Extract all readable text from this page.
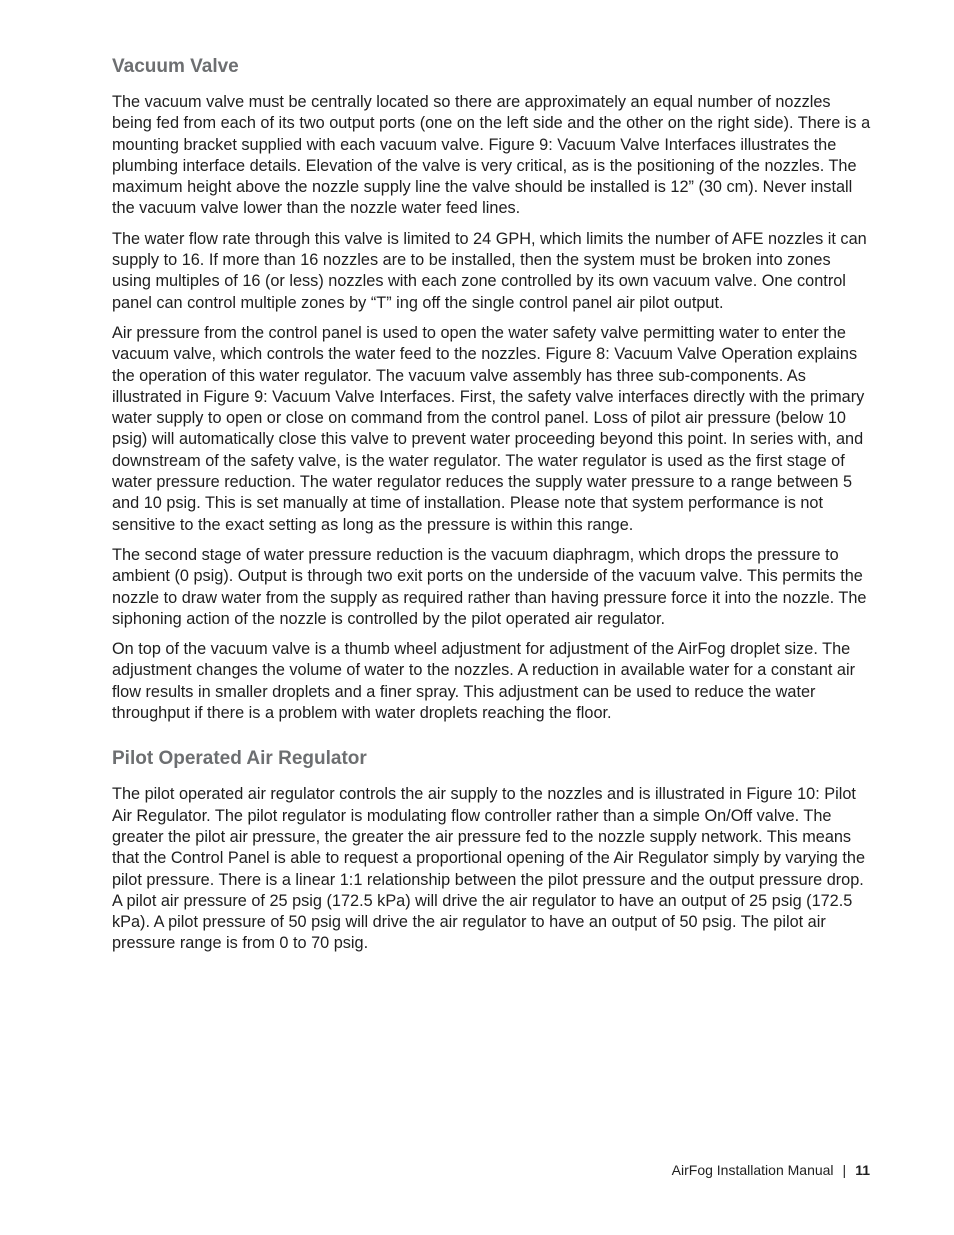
Vacuum Valve

The vacuum valve must be centrally located so there are approximately an equal number of nozzles being fed from each of its two output ports (one on the left side and the other on the right side). There is a mounting bracket supplied with each vacuum valve. Figure 9: Vacuum Valve Interfaces illustrates the plumbing interface details. Elevation of the valve is very critical, as is the positioning of the nozzles. The maximum height above the nozzle supply line the valve should be installed is 12” (30 cm). Never install the vacuum valve lower than the nozzle water feed lines.

The water flow rate through this valve is limited to 24 GPH, which limits the number of AFE nozzles it can supply to 16. If more than 16 nozzles are to be installed, then the system must be broken into zones using multiples of 16 (or less) nozzles with each zone controlled by its own vacuum valve. One control panel can control multiple zones by “T” ing off the single control panel air pilot output.

Air pressure from the control panel is used to open the water safety valve permitting water to enter the vacuum valve, which controls the water feed to the nozzles. Figure 8: Vacuum Valve Operation explains the operation of this water regulator. The vacuum valve assembly has three sub-components. As illustrated in Figure 9: Vacuum Valve Interfaces. First, the safety valve interfaces directly with the primary water supply to open or close on command from the control panel. Loss of pilot air pressure (below 10 psig) will automatically close this valve to prevent water proceeding beyond this point. In series with, and downstream of the safety valve, is the water regulator. The water regulator is used as the first stage of water pressure reduction. The water regulator reduces the supply water pressure to a range between 5 and 10 psig. This is set manually at time of installation. Please note that system performance is not sensitive to the exact setting as long as the pressure is within this range.

The second stage of water pressure reduction is the vacuum diaphragm, which drops the pressure to ambient (0 psig). Output is through two exit ports on the underside of the vacuum valve. This permits the nozzle to draw water from the supply as required rather than having pressure force it into the nozzle. The siphoning action of the nozzle is controlled by the pilot operated air regulator.

On top of the vacuum valve is a thumb wheel adjustment for adjustment of the AirFog droplet size. The adjustment changes the volume of water to the nozzles. A reduction in available water for a constant air flow results in smaller droplets and a finer spray. This adjustment can be used to reduce the water throughput if there is a problem with water droplets reaching the floor.

Pilot Operated Air Regulator

The pilot operated air regulator controls the air supply to the nozzles and is illustrated in Figure 10: Pilot Air Regulator. The pilot regulator is modulating flow controller rather than a simple On/Off valve. The greater the pilot air pressure, the greater the air pressure fed to the nozzle supply network. This means that the Control Panel is able to request a proportional opening of the Air Regulator simply by varying the pilot pressure. There is a linear 1:1 relationship between the pilot pressure and the output pressure drop. A pilot air pressure of 25 psig (172.5 kPa) will drive the air regulator to have an output of 25 psig (172.5 kPa). A pilot pressure of 50 psig will drive the air regulator to have an output of 50 psig. The pilot air pressure range is from 0 to 70 psig.

AirFog Installation Manual | 11
